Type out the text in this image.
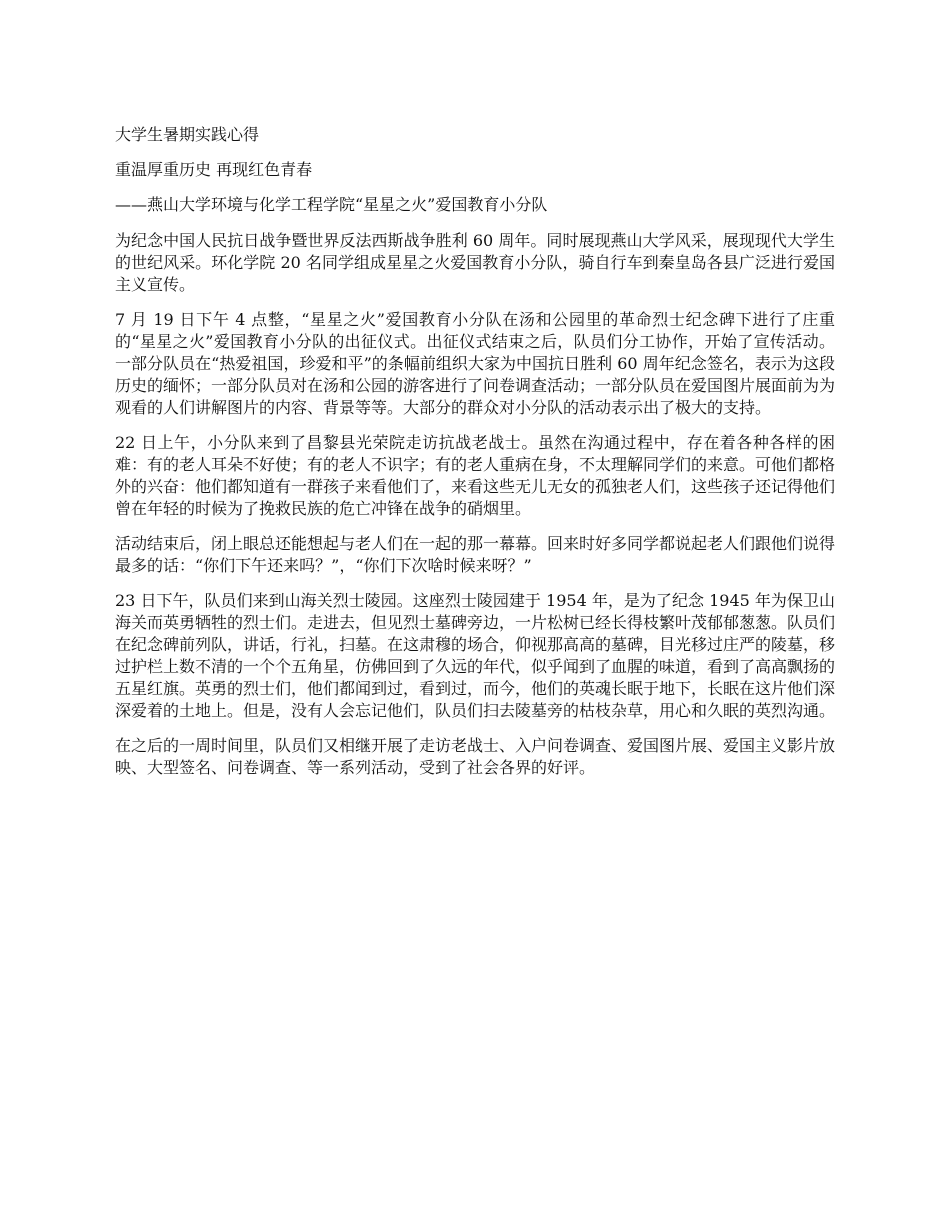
大学生暑期实践心得

重温厚重历史 再现红色青春

——燕山大学环境与化学工程学院“星星之火”爱国教育小分队

为纪念中国人民抗日战争暨世界反法西斯战争胜利 60 周年。同时展现燕山大学风采，展现现代大学生的世纪风采。环化学院 20 名同学组成星星之火爱国教育小分队，骑自行车到秦皇岛各县广泛进行爱国主义宣传。

7 月 19 日下午 4 点整，“星星之火”爱国教育小分队在汤和公园里的革命烈士纪念碑下进行了庄重的“星星之火”爱国教育小分队的出征仪式。出征仪式结束之后，队员们分工协作，开始了宣传活动。一部分队员在“热爱祖国，珍爱和平”的条幅前组织大家为中国抗日胜利 60 周年纪念签名，表示为这段历史的缅怀；一部分队员对在汤和公园的游客进行了问卷调查活动；一部分队员在爱国图片展面前为为观看的人们讲解图片的内容、背景等等。大部分的群众对小分队的活动表示出了极大的支持。

22 日上午，小分队来到了昌黎县光荣院走访抗战老战士。虽然在沟通过程中，存在着各种各样的困难：有的老人耳朵不好使；有的老人不识字；有的老人重病在身，不太理解同学们的来意。可他们都格外的兴奋：他们都知道有一群孩子来看他们了，来看这些无儿无女的孤独老人们，这些孩子还记得他们曾在年轻的时候为了挽救民族的危亡冲锋在战争的硝烟里。

活动结束后，闭上眼总还能想起与老人们在一起的那一幕幕。回来时好多同学都说起老人们跟他们说得最多的话：“你们下午还来吗？”，“你们下次啥时候来呀？”

23 日下午，队员们来到山海关烈士陵园。这座烈士陵园建于 1954 年，是为了纪念 1945 年为保卫山海关而英勇牺牲的烈士们。走进去，但见烈士墓碑旁边，一片松树已经长得枝繁叶茂郁郁葱葱。队员们在纪念碑前列队，讲话，行礼，扫墓。在这肃穆的场合，仰视那高高的墓碑，目光移过庄严的陵墓，移过护栏上数不清的一个个五角星，仿佛回到了久远的年代，似乎闻到了血腥的味道，看到了高高飘扬的五星红旗。英勇的烈士们，他们都闻到过，看到过，而今，他们的英魂长眠于地下，长眠在这片他们深深爱着的土地上。但是，没有人会忘记他们，队员们扫去陵墓旁的枯枝杂草，用心和久眠的英烈沟通。

在之后的一周时间里，队员们又相继开展了走访老战士、入户问卷调查、爱国图片展、爱国主义影片放映、大型签名、问卷调查、等一系列活动，受到了社会各界的好评。
